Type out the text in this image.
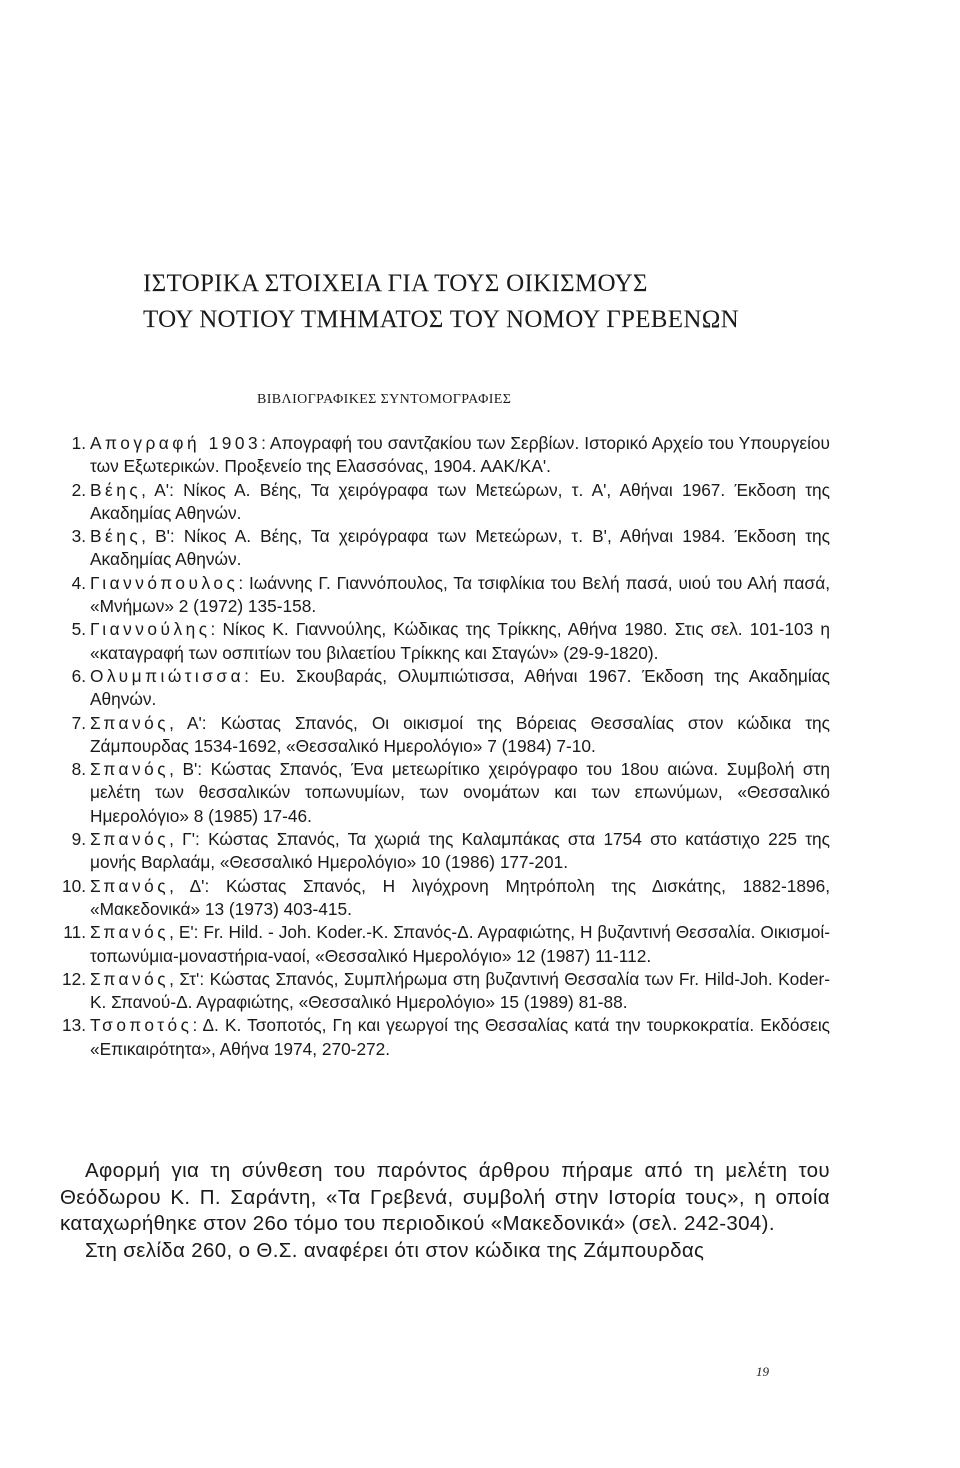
ΙΣΤΟΡΙΚΑ ΣΤΟΙΧΕΙΑ ΓΙΑ ΤΟΥΣ ΟΙΚΙΣΜΟΥΣ
ΤΟΥ ΝΟΤΙΟΥ ΤΜΗΜΑΤΟΣ ΤΟΥ ΝΟΜΟΥ ΓΡΕΒΕΝΩΝ
ΒΙΒΛΙΟΓΡΑΦΙΚΕΣ ΣΥΝΤΟΜΟΓΡΑΦΙΕΣ
1. Απογραφή 1903: Απογραφή του σαντζακίου των Σερβίων. Ιστορικό Αρχείο του Υπουργείου των Εξωτερικών. Προξενείο της Ελασσόνας, 1904. ΑΑΚ/ΚΑ'.
2. Βέης, Α': Νίκος Α. Βέης, Τα χειρόγραφα των Μετεώρων, τ. Α', Αθήναι 1967. Έκδοση της Ακαδημίας Αθηνών.
3. Βέης, Β': Νίκος Α. Βέης, Τα χειρόγραφα των Μετεώρων, τ. Β', Αθήναι 1984. Έκδοση της Ακαδημίας Αθηνών.
4. Γιαννόπουλος: Ιωάννης Γ. Γιαννόπουλος, Τα τσιφλίκια του Βελή πασά, υιού του Αλή πασά, «Μνήμων» 2 (1972) 135-158.
5. Γιαννούλης: Νίκος Κ. Γιαννούλης, Κώδικας της Τρίκκης, Αθήνα 1980. Στις σελ. 101-103 η «καταγραφή των οσπιτίων του βιλαετίου Τρίκκης και Σταγών» (29-9-1820).
6. Ολυμπιώτισσα: Ευ. Σκουβαράς, Ολυμπιώτισσα, Αθήναι 1967. Έκδοση της Ακαδημίας Αθηνών.
7. Σπανός, Α': Κώστας Σπανός, Οι οικισμοί της Βόρειας Θεσσαλίας στον κώδικα της Ζάμπουρδας 1534-1692, «Θεσσαλικό Ημερολόγιο» 7 (1984) 7-10.
8. Σπανός, Β': Κώστας Σπανός, Ένα μετεωρίτικο χειρόγραφο του 18ου αιώνα. Συμβολή στη μελέτη των θεσσαλικών τοπωνυμίων, των ονομάτων και των επωνύμων, «Θεσσαλικό Ημερολόγιο» 8 (1985) 17-46.
9. Σπανός, Γ': Κώστας Σπανός, Τα χωριά της Καλαμπάκας στα 1754 στο κατάστιχο 225 της μονής Βαρλαάμ, «Θεσσαλικό Ημερολόγιο» 10 (1986) 177-201.
10. Σπανός, Δ': Κώστας Σπανός, Η λιγόχρονη Μητρόπολη της Δισκάτης, 1882-1896, «Μακεδονικά» 13 (1973) 403-415.
11. Σπανός, Ε': Fr. Hild. - Joh. Koder.-Κ. Σπανός-Δ. Αγραφιώτης, Η βυζαντινή Θεσσαλία. Οικισμοί-τοπωνύμια-μοναστήρια-ναοί, «Θεσσαλικό Ημερολόγιο» 12 (1987) 11-112.
12. Σπανός, Στ': Κώστας Σπανός, Συμπλήρωμα στη βυζαντινή Θεσσαλία των Fr. Hild-Joh. Koder-Κ. Σπανού-Δ. Αγραφιώτης, «Θεσσαλικό Ημερολόγιο» 15 (1989) 81-88.
13. Τσοποτός: Δ. Κ. Τσοποτός, Γη και γεωργοί της Θεσσαλίας κατά την τουρκοκρατία. Εκδόσεις «Επικαιρότητα», Αθήνα 1974, 270-272.

Αφορμή για τη σύνθεση του παρόντος άρθρου πήραμε από τη μελέτη του Θεόδωρου Κ. Π. Σαράντη, «Τα Γρεβενά, συμβολή στην Ιστορία τους», η οποία καταχωρήθηκε στον 26ο τόμο του περιοδικού «Μακεδονικά» (σελ. 242-304).

Στη σελίδα 260, ο Θ.Σ. αναφέρει ότι στον κώδικα της Ζάμπουρδας

19
